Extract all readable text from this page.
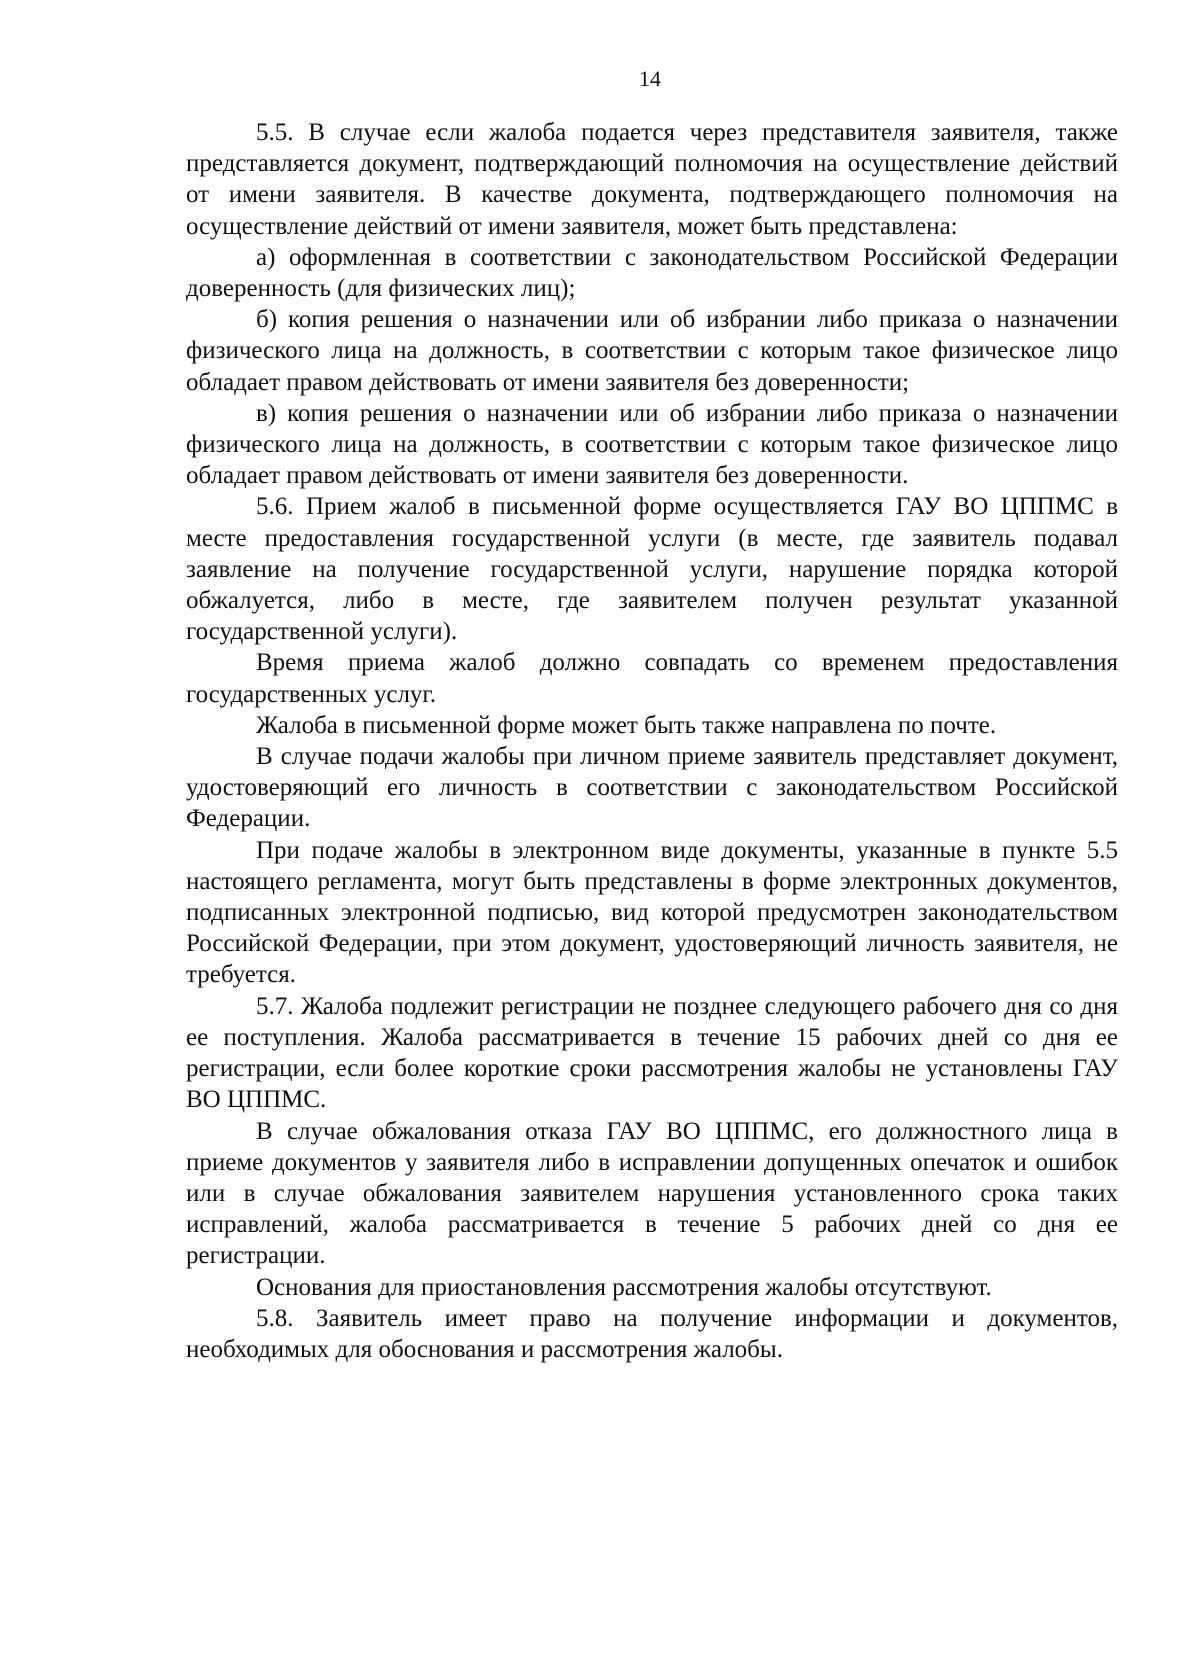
14

5.5. В случае если жалоба подается через представителя заявителя, также представляется документ, подтверждающий полномочия на осуществление действий от имени заявителя. В качестве документа, подтверждающего полномочия на осуществление действий от имени заявителя, может быть представлена:

а) оформленная в соответствии с законодательством Российской Федерации доверенность (для физических лиц);

б) копия решения о назначении или об избрании либо приказа о назначении физического лица на должность, в соответствии с которым такое физическое лицо обладает правом действовать от имени заявителя без доверенности;

в) копия решения о назначении или об избрании либо приказа о назначении физического лица на должность, в соответствии с которым такое физическое лицо обладает правом действовать от имени заявителя без доверенности.

5.6. Прием жалоб в письменной форме осуществляется ГАУ ВО ЦППМС в месте предоставления государственной услуги (в месте, где заявитель подавал заявление на получение государственной услуги, нарушение порядка которой обжалуется, либо в месте, где заявителем получен результат указанной государственной услуги).

Время приема жалоб должно совпадать со временем предоставления государственных услуг.

Жалоба в письменной форме может быть также направлена по почте.

В случае подачи жалобы при личном приеме заявитель представляет документ, удостоверяющий его личность в соответствии с законодательством Российской Федерации.

При подаче жалобы в электронном виде документы, указанные в пункте 5.5 настоящего регламента, могут быть представлены в форме электронных документов, подписанных электронной подписью, вид которой предусмотрен законодательством Российской Федерации, при этом документ, удостоверяющий личность заявителя, не требуется.

5.7. Жалоба подлежит регистрации не позднее следующего рабочего дня со дня ее поступления. Жалоба рассматривается в течение 15 рабочих дней со дня ее регистрации, если более короткие сроки рассмотрения жалобы не установлены ГАУ ВО ЦППМС.

В случае обжалования отказа ГАУ ВО ЦППМС, его должностного лица в приеме документов у заявителя либо в исправлении допущенных опечаток и ошибок или в случае обжалования заявителем нарушения установленного срока таких исправлений, жалоба рассматривается в течение 5 рабочих дней со дня ее регистрации.

Основания для приостановления рассмотрения жалобы отсутствуют.

5.8. Заявитель имеет право на получение информации и документов, необходимых для обоснования и рассмотрения жалобы.
